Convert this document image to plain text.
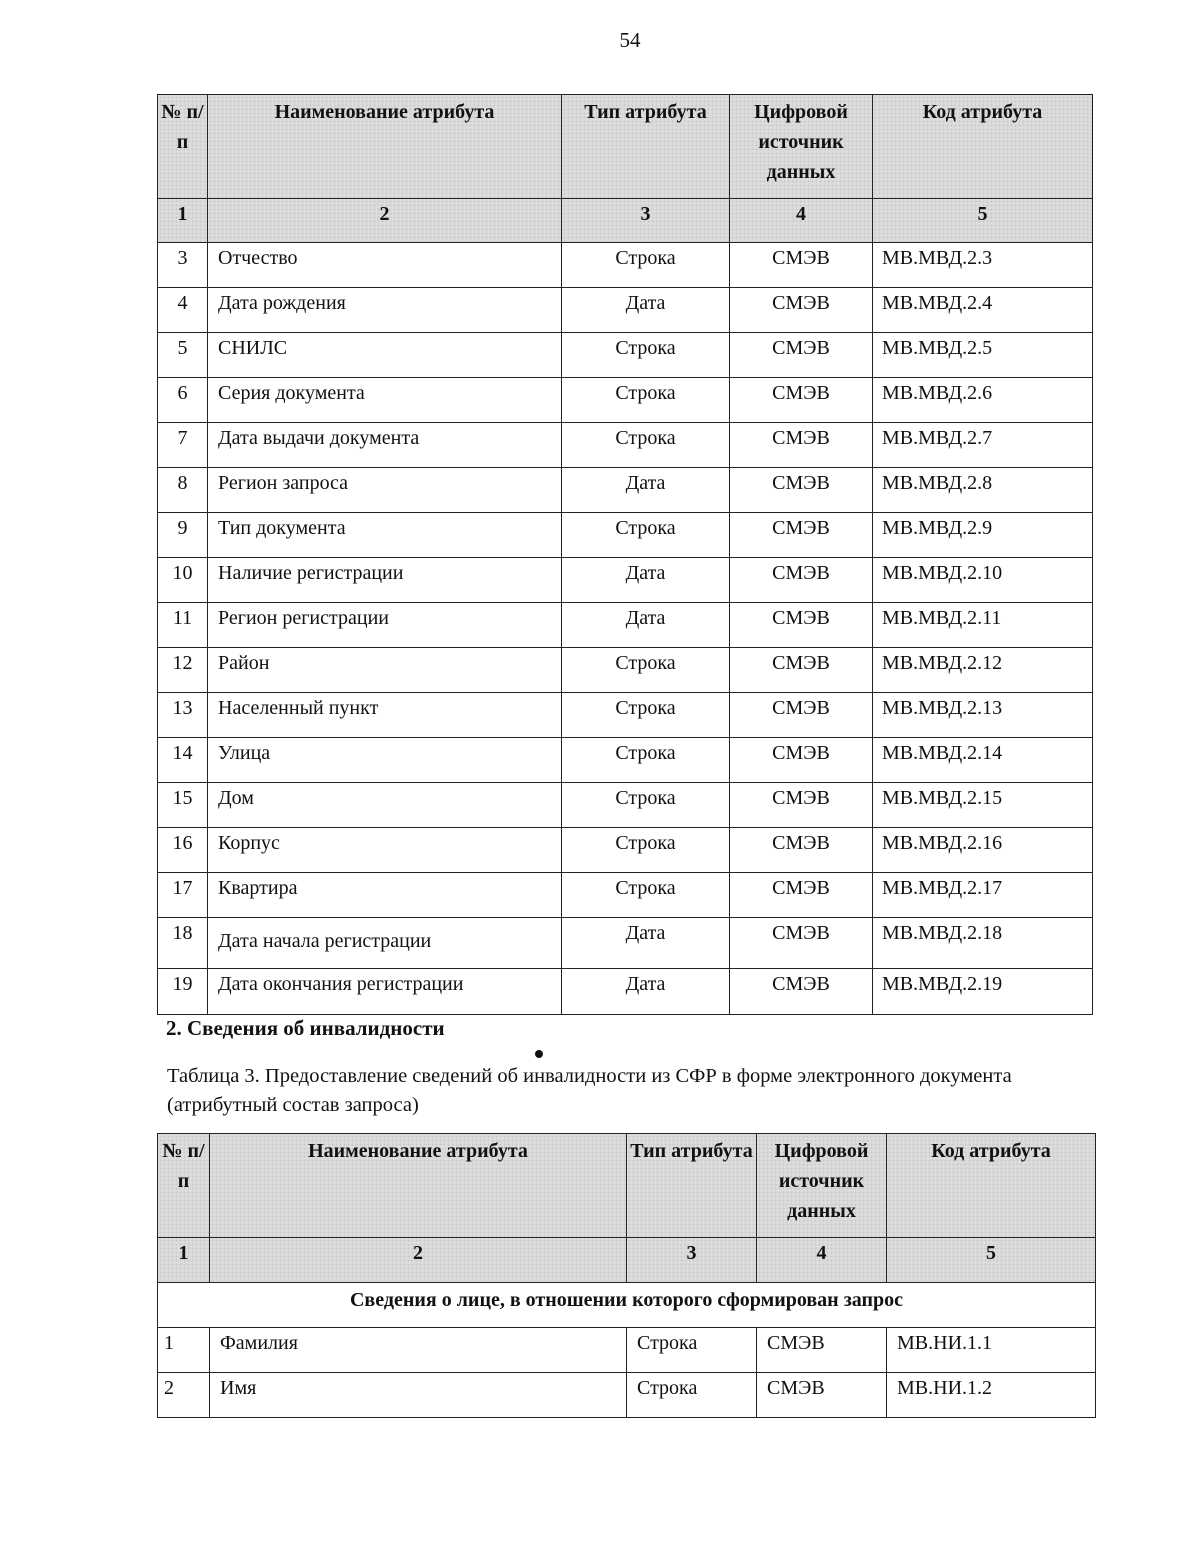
54
№ п/п	Наименование атрибута	Тип атрибута	Цифровой источник данных	Код атрибута
1	2	3	4	5
3	Отчество	Строка	СМЭВ	МВ.МВД.2.3
4	Дата рождения	Дата	СМЭВ	МВ.МВД.2.4
5	СНИЛС	Строка	СМЭВ	МВ.МВД.2.5
6	Серия документа	Строка	СМЭВ	МВ.МВД.2.6
7	Дата выдачи документа	Строка	СМЭВ	МВ.МВД.2.7
8	Регион запроса	Дата	СМЭВ	МВ.МВД.2.8
9	Тип документа	Строка	СМЭВ	МВ.МВД.2.9
10	Наличие регистрации	Дата	СМЭВ	МВ.МВД.2.10
11	Регион регистрации	Дата	СМЭВ	МВ.МВД.2.11
12	Район	Строка	СМЭВ	МВ.МВД.2.12
13	Населенный пункт	Строка	СМЭВ	МВ.МВД.2.13
14	Улица	Строка	СМЭВ	МВ.МВД.2.14
15	Дом	Строка	СМЭВ	МВ.МВД.2.15
16	Корпус	Строка	СМЭВ	МВ.МВД.2.16
17	Квартира	Строка	СМЭВ	МВ.МВД.2.17
18	Дата начала регистрации	Дата	СМЭВ	МВ.МВД.2.18
19	Дата окончания регистрации	Дата	СМЭВ	МВ.МВД.2.19
2. Сведения об инвалидности
Таблица 3. Предоставление сведений об инвалидности из СФР в форме электронного документа (атрибутный состав запроса)
№ п/п	Наименование атрибута	Тип атрибута	Цифровой источник данных	Код атрибута
1	2	3	4	5
Сведения о лице, в отношении которого сформирован запрос				
1	Фамилия	Строка	СМЭВ	МВ.НИ.1.1
2	Имя	Строка	СМЭВ	МВ.НИ.1.2
